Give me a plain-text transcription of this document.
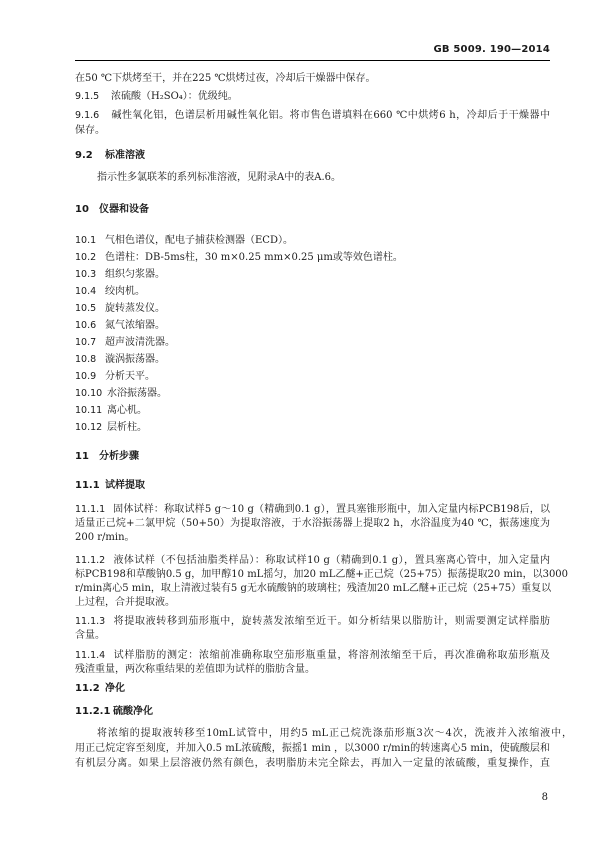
GB 5009. 190—2014
在50 ℃下烘烤至干，并在225 ℃烘烤过夜，冷却后干燥器中保存。
9.1.5 浓硫酸（H₂SO₄）：优级纯。
9.1.6 碱性氧化铝，色谱层析用碱性氧化铝。将市售色谱填料在660 ℃中烘烤6 h，冷却后于干燥器中
保存。
9.2 标准溶液
指示性多氯联苯的系列标准溶液，见附录A中的表A.6。
10 仪器和设备
10.1 气相色谱仪，配电子捕获检测器（ECD）。
10.2 色谱柱：DB-5ms柱，30 m×0.25 mm×0.25 μm或等效色谱柱。
10.3 组织匀浆器。
10.4 绞肉机。
10.5 旋转蒸发仪。
10.6 氮气浓缩器。
10.7 超声波清洗器。
10.8 漩涡振荡器。
10.9 分析天平。
10.10 水浴振荡器。
10.11 离心机。
10.12 层析柱。
11 分析步骤
11.1 试样提取
11.1.1 固体试样：称取试样5 g～10 g（精确到0.1 g），置具塞锥形瓶中，加入定量内标PCB198后，以
适量正己烷+二氯甲烷（50+50）为提取溶液，于水浴振荡器上提取2 h，水浴温度为40 ℃，振荡速度为
200 r/min。
11.1.2 液体试样（不包括油脂类样品）：称取试样10 g（精确到0.1 g），置具塞离心管中，加入定量内
标PCB198和草酸钠0.5 g，加甲醇10 mL摇匀，加20 mL乙醚+正己烷（25+75）振荡提取20 min，以3000
r/min离心5 min，取上清液过装有5 g无水硫酸钠的玻璃柱；残渣加20 mL乙醚+正己烷（25+75）重复以
上过程，合并提取液。
11.1.3 将提取液转移到茄形瓶中，旋转蒸发浓缩至近干。如分析结果以脂肪计，则需要测定试样脂肪
含量。
11.1.4 试样脂肪的测定：浓缩前准确称取空茄形瓶重量，将溶剂浓缩至干后，再次准确称取茄形瓶及
残渣重量，两次称重结果的差值即为试样的脂肪含量。
11.2 净化
11.2.1 硫酸净化
将浓缩的提取液转移至10mL试管中，用约5 mL正己烷洗涤茄形瓶3次～4次，洗液并入浓缩液中，
用正己烷定容至刻度，并加入0.5 mL浓硫酸，振摇1 min ，以3000 r/min的转速离心5 min，使硫酸层和
有机层分离。如果上层溶液仍然有颜色，表明脂肪未完全除去，再加入一定量的浓硫酸，重复操作，直
8
